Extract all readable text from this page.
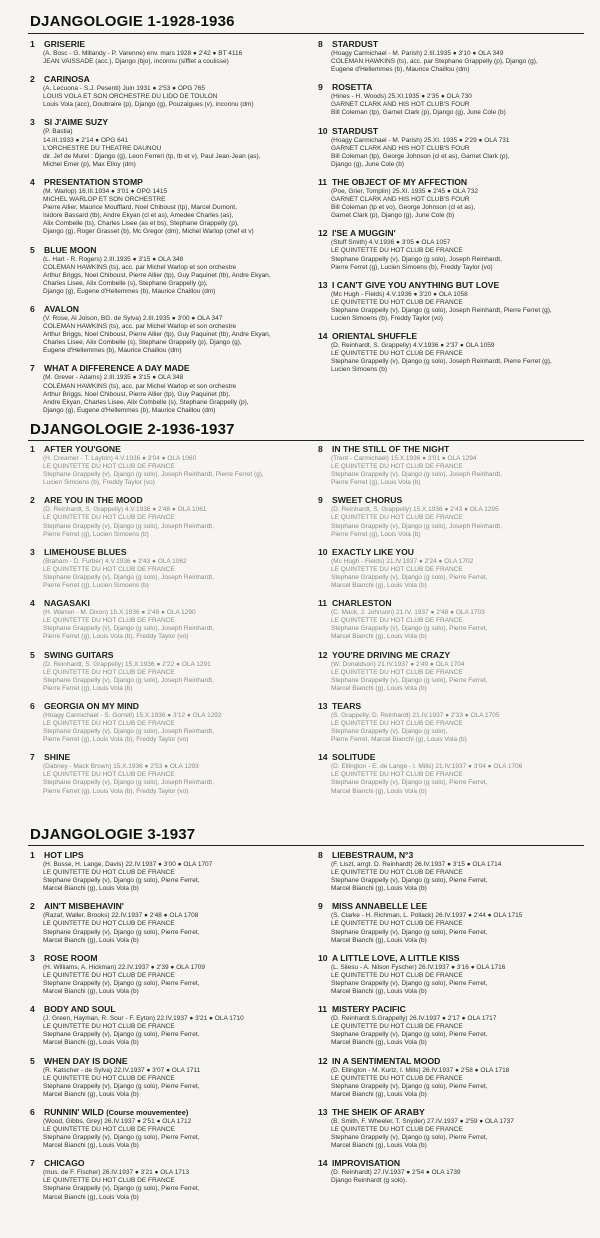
DJANGOLOGIE 1-1928-1936
1 GRISERIE
(A. Bosc - G. Millandy - P. Varenne) env. mars 1928 ● 2'42 ● BT 4116
JEAN VAISSADE (acc.), Django (bjo), inconnu (sifflet a coulisse)
2 CARINOSA
(A. Lecuona - S.J. Pesenti) Juin 1931 ● 2'53 ● OPG 765
LOUIS VOLA ET SON ORCHESTRE DU LIDO DE TOULON
Louis Vola (acc), Doubraire (p), Django (g), Pouzalgues (v), inconnu (dm)
3 SI J'AIME SUZY
(P. Bastia)
14.III.1933 ● 2'14 ● OPG 641
L'ORCHESTRE DU THEATRE DAUNOU
dir. Jef de Murel : Django (g), Leon Ferreri (tp, tb et v), Paul Jean-Jean (as),
Michel Emer (p), Max Elloy (dm)
4 PRESENTATION STOMP
(M. Warlop) 16.III.1934 ● 3'01 ● OPG 1415
MICHEL WARLOP ET SON ORCHESTRE
Pierre Allier, Maurice Moufflard, Noel Chiboust (tp), Marcel Dumont,
Isidore Bassard (tb), Andre Ekyan (cl et as), Amedee Charles (as),
Alix Combelle (ts), Charles Lisee (as et bs), Stephane Grappelly (p),
Django (g), Roger Grasset (b), Mc Gregor (dm), Michel Warlop (chef et v)
5 BLUE MOON
(L. Hart - R. Rogers) 2.III.1935 ● 3'15 ● OLA 348
COLEMAN HAWKINS (ts), acc. par Michel Warlop et son orchestre
Arthur Briggs, Noel Chiboust, Pierre Allier (tp), Guy Paquinet (tb), Andre Ekyan,
Charles Lisee, Alix Combelle (s), Stephane Grappelly (p),
Django (g), Eugene d'Hellemmes (b), Maurice Chaillou (dm)
6 AVALON
(V. Rose, Al Jolson, BG. de Sylva) 2.III.1935 ● 3'00 ● OLA 347
COLEMAN HAWKINS (ts), acc. par Michel Warlop et son orchestre
Arthur Briggs, Noel Chiboust, Pierre Allier (tp), Guy Paquinet (tb), Andre Ekyan,
Charles Lisee, Alix Combelle (s), Stephane Grappelly (p), Django (g),
Eugene d'Hellemmes (b), Maurice Chaillou (dm)
7 WHAT A DIFFERENCE A DAY MADE
(M. Grever - Adams) 2.III.1935 ● 3'15 ● OLA 348
COLEMAN HAWKINS (ts), acc. par Michel Warlop et son orchestre
Arthur Briggs, Noel Chiboust, Pierre Allier (tp), Guy Paquinet (tb),
Andre Ekyan, Charles Lisee, Alix Combelle (s), Stephane Grappelly (p),
Django (g), Eugene d'Hellemmes (b), Maurice Chaillou (dm)
8 STARDUST
(Hoagy Carmichael - M. Parish) 2.III.1935 ● 3'10 ● OLA 349
COLEMAN HAWKINS (ts), acc. par Stephane Grappelly (p), Django (g),
Eugene d'Hellemmes (b), Maurice Chaillou (dm)
9 ROSETTA
(Hines - H. Woods) 25.XI.1935 ● 2'35 ● OLA 730
GARNET CLARK AND HIS HOT CLUB'S FOUR
Bill Coleman (tp), Garnet Clark (p), Django (g), June Cole (b)
10 STARDUST
(Hoagy Carmichael - M. Parish) 25.XI. 1935 ● 2'29 ● OLA 731
GARNET CLARK AND HIS HOT CLUB'S FOUR
Bill Coleman (tp), George Johnson (cl et as), Garnet Clark (p),
Django (g), June Cole (b)
11 THE OBJECT OF MY AFFECTION
(Poe, Grier, Tomplin) 25.XI. 1935 ● 2'45 ● OLA 732
GARNET CLARK AND HIS HOT CLUB'S FOUR
Bill Coleman (tp et vo), George Johnson (cl et as),
Garnet Clark (p), Django (g), June Cole (b)
12 I'SE A MUGGIN'
(Stuff Smith) 4.V.1936 ● 3'05 ● OLA 1057
LE QUINTETTE DU HOT CLUB DE FRANCE
Stephane Grappelly (v), Django (g solo), Joseph Reinhardt,
Pierre Ferret (g), Lucien Simoens (b), Freddy Taylor (vo)
13 I CAN'T GIVE YOU ANYTHING BUT LOVE
(Mc Hugh - Fields) 4.V.1936 ● 3'20 ● OLA 1058
LE QUINTETTE DU HOT CLUB DE FRANCE
Stephane Grappelly (v), Django (g solo), Joseph Reinhardt, Pierre Ferret (g),
Lucien Simoens (b), Freddy Taylor (vo)
14 ORIENTAL SHUFFLE
(D. Reinhardt, S. Grappelly) 4.V.1936 ● 2'37 ● OLA 1059
LE QUINTETTE DU HOT CLUB DE FRANCE
Stephane Grappelly (v), Django (g solo), Joseph Reinhardt, Pierre Ferret (g),
Lucien Simoens (b)
DJANGOLOGIE 2-1936-1937
1 AFTER YOU'GONE
(H. Creamer - T. Layton) 4.V.1936 ● 3'04 ● OLA 1060
LE QUINTETTE DU HOT CLUB DE FRANCE
Stephane Grappelly (v), Django (g solo), Joseph Reinhardt, Pierre Ferret (g),
Lucien Simoens (b), Freddy Taylor (vo)
2 ARE YOU IN THE MOOD
(D. Reinhardt, S. Grappelly) 4.V.1936 ● 2'48 ● OLA 1061
LE QUINTETTE DU HOT CLUB DE FRANCE
Stephane Grappelly (v), Django (g solo), Joseph Reinhardt,
Pierre Ferret (g), Lucien Simoens (b)
3 LIMEHOUSE BLUES
(Braham - D. Furber) 4.V.1936 ● 2'43 ● OLA 1062
LE QUINTETTE DU HOT CLUB DE FRANCE
Stephane Grappelly (v), Django (g solo), Joseph Reinhardt,
Pierre Ferret (g), Lucien Simoens (b)
4 NAGASAKI
(H. Warren - M. Dixon) 15.X.1936 ● 2'48 ● OLA 1290
LE QUINTETTE DU HOT CLUB DE FRANCE
Stephane Grappelly (v), Django (g solo), Joseph Reinhardt,
Pierre Ferret (g), Louis Vola (b), Freddy Taylor (vo)
5 SWING GUITARS
(D. Reinhardt, S. Grappelly) 15.X.1936 ● 2'22 ● OLA 1291
LE QUINTETTE DU HOT CLUB DE FRANCE
Stephane Grappelly (v), Django (g solo), Joseph Reinhardt,
Pierre Ferret (g), Louis Vola (b)
6 GEORGIA ON MY MIND
(Hoagy Carmichael - S. Gorrell) 15.X.1936 ● 3'12 ● OLA 1292
LE QUINTETTE DU HOT CLUB DE FRANCE
Stephane Grappelly (v), Django (g solo), Joseph Reinhardt,
Pierre Ferret (g), Louis Vola (b), Freddy Taylor (vo)
7 SHINE
(Dabney - Mack Brown) 15.X.1936 ● 2'53 ● OLA 1293
LE QUINTETTE DU HOT CLUB DE FRANCE
Stephane Grappelly (v), Django (g solo), Joseph Reinhardt,
Pierre Ferret (g), Louis Vola (b), Freddy Taylor (vo)
8 IN THE STILL OF THE NIGHT
(Trent - Carmichael) 15.X.1936 ● 3'01 ● OLA 1294
LE QUINTETTE DU HOT CLUB DE FRANCE
Stephane Grappelly (v), Django (g solo), Joseph Reinhardt,
Pierre Ferret (g), Louis Vola (b)
9 SWEET CHORUS
(D. Reinhardt, S. Grappelly) 15.X.1936 ● 2'43 ● OLA 1295
LE QUINTETTE DU HOT CLUB DE FRANCE
Stephane Grappelly (v), Django (g solo), Joseph Reinhardt,
Pierre Ferret (g), Louis Vola (b)
10 EXACTLY LIKE YOU
(Mc Hugh - Fields) 21.IV.1937 ● 2'24 ● OLA 1702
LE QUINTETTE DU HOT CLUB DE FRANCE
Stephane Grappelly (v), Django (g solo), Pierre Ferret,
Marcel Bianchi (g), Louis Vola (b)
11 CHARLESTON
(C. Mack, J. Johnson) 21.IV. 1937 ● 2'48 ● OLA 1703
LE QUINTETTE DU HOT CLUB DE FRANCE
Stephane Grappelly (v), Django (g solo), Pierre Ferret,
Marcel Bianchi (g), Louis Vola (b)
12 YOU'RE DRIVING ME CRAZY
(W. Donaldson) 21.IV.1937 ● 2'49 ● OLA 1704
LE QUINTETTE DU HOT CLUB DE FRANCE
Stephane Grappelly (v), Django (g solo), Pierre Ferret,
Marcel Bianchi (g), Louis Vola (b)
13 TEARS
(S. Grappelly, D. Reinhardt) 21.IV.1937 ● 2'33 ● OLA 1705
LE QUINTETTE DU HOT CLUB DE FRANCE
Stephane Grappelly (v), Django (g solo),
Pierre Ferret, Marcel Bianchi (g), Louis Vola (b)
14 SOLITUDE
(D. Ellington - E. de Lange - I. Mills) 21.IV.1937 ● 3'04 ● OLA 1706
LE QUINTETTE DU HOT CLUB DE FRANCE
Stephane Grappelly (v), Django (g solo), Pierre Ferret,
Marcel Bianchi (g), Louis Vola (b)
DJANGOLOGIE 3-1937
1 HOT LIPS
(H. Busse, H. Lange, Davis) 22.IV.1937 ● 3'00 ● OLA 1707
LE QUINTETTE DU HOT CLUB DE FRANCE
Stephane Grappelly (v), Django (g solo), Pierre Ferret,
Marcel Bianchi (g), Louis Vola (b)
2 AIN'T MISBEHAVIN'
(Razaf, Waller, Brooks) 22.IV.1937 ● 2'48 ● OLA 1708
LE QUINTETTE DU HOT CLUB DE FRANCE
Stephane Grappelly (v), Django (g solo), Pierre Ferret,
Marcel Bianchi (g), Louis Vola (b)
3 ROSE ROOM
(H. Williams, A. Hickman) 22.IV.1937 ● 2'39 ● OLA 1709
LE QUINTETTE DU HOT CLUB DE FRANCE
Stephane Grappelly (v), Django (g solo), Pierre Ferret,
Marcel Bianchi (g), Louis Vola (b)
4 BODY AND SOUL
(J. Green, Hayman, R. Sour - F. Eyton) 22.IV.1937 ● 3'21 ● OLA 1710
LE QUINTETTE DU HOT CLUB DE FRANCE
Stephane Grappelly (v), Django (g solo), Pierre Ferret,
Marcel Bianchi (g), Louis Vola (b)
5 WHEN DAY IS DONE
(R. Katscher - de Sylva) 22.IV.1937 ● 3'07 ● OLA 1711
LE QUINTETTE DU HOT CLUB DE FRANCE
Stephane Grappelly (v), Django (g solo), Pierre Ferret,
Marcel Bianchi (g), Louis Vola (b)
6 RUNNIN' WILD (Course mouvementee)
(Wood, Gibbs, Grey) 26.IV.1937 ● 2'51 ● OLA 1712
LE QUINTETTE DU HOT CLUB DE FRANCE
Stephane Grappelly (v), Django (g solo), Pierre Ferret,
Marcel Bianchi (g), Louis Vola (b)
7 CHICAGO
(mus. de F. Fischer) 26.IV.1937 ● 3'21 ● OLA 1713
LE QUINTETTE DU HOT CLUB DE FRANCE
Stephane Grappelly (v), Django (g solo), Pierre Ferret,
Marcel Bianchi (g), Louis Vola (b)
8 LIEBESTRAUM, N°3
(F. Liszt, arrgt. D. Reinhardt) 26.IV.1937 ● 3'15 ● OLA 1714
LE QUINTETTE DU HOT CLUB DE FRANCE
Stephane Grappelly (v), Django (g solo), Pierre Ferret,
Marcel Bianchi (g), Louis Vola (b)
9 MISS ANNABELLE LEE
(S. Clarke - H. Richman, L. Pollack) 26.IV.1937 ● 2'44 ● OLA 1715
LE QUINTETTE DU HOT CLUB DE FRANCE
Stephane Grappelly (v), Django (g solo), Pierre Ferret,
Marcel Bianchi (g), Louis Vola (b)
10 A LITTLE LOVE, A LITTLE KISS
(L. Silesu - A. Nilson Fyscher) 26.IV.1937 ● 3'16 ● OLA 1716
LE QUINTETTE DU HOT CLUB DE FRANCE
Stephane Grappelly (v), Django (g solo), Pierre Ferret,
Marcel Bianchi (g), Louis Vola (b)
11 MISTERY PACIFIC
(D. Reinhardt S.Grappelly) 26.IV.1937 ● 2'17 ● OLA 1717
LE QUINTETTE DU HOT CLUB DE FRANCE
Stephane Grappelly (v), Django (g solo), Pierre Ferret,
Marcel Bianchi (g), Louis Vola (b)
12 IN A SENTIMENTAL MOOD
(D. Ellington - M. Kurtz, I. Mills) 26.IV.1937 ● 2'58 ● OLA 1718
LE QUINTETTE DU HOT CLUB DE FRANCE
Stephane Grappelly (v), Django (g solo), Pierre Ferret,
Marcel Bianchi (g), Louis Vola (b)
13 THE SHEIK OF ARABY
(B. Smith, F. Wheeler, T. Snyder) 27.IV.1937 ● 2'59 ● OLA 1737
LE QUINTETTE DU HOT CLUB DE FRANCE
Stephane Grappelly (v), Django (g solo), Pierre Ferret,
Marcel Bianchi (g), Louis Vola (b)
14 IMPROVISATION
(D. Reinhardt) 27.IV.1937 ● 2'54 ● OLA 1739
Django Reinhardt (g solo).
